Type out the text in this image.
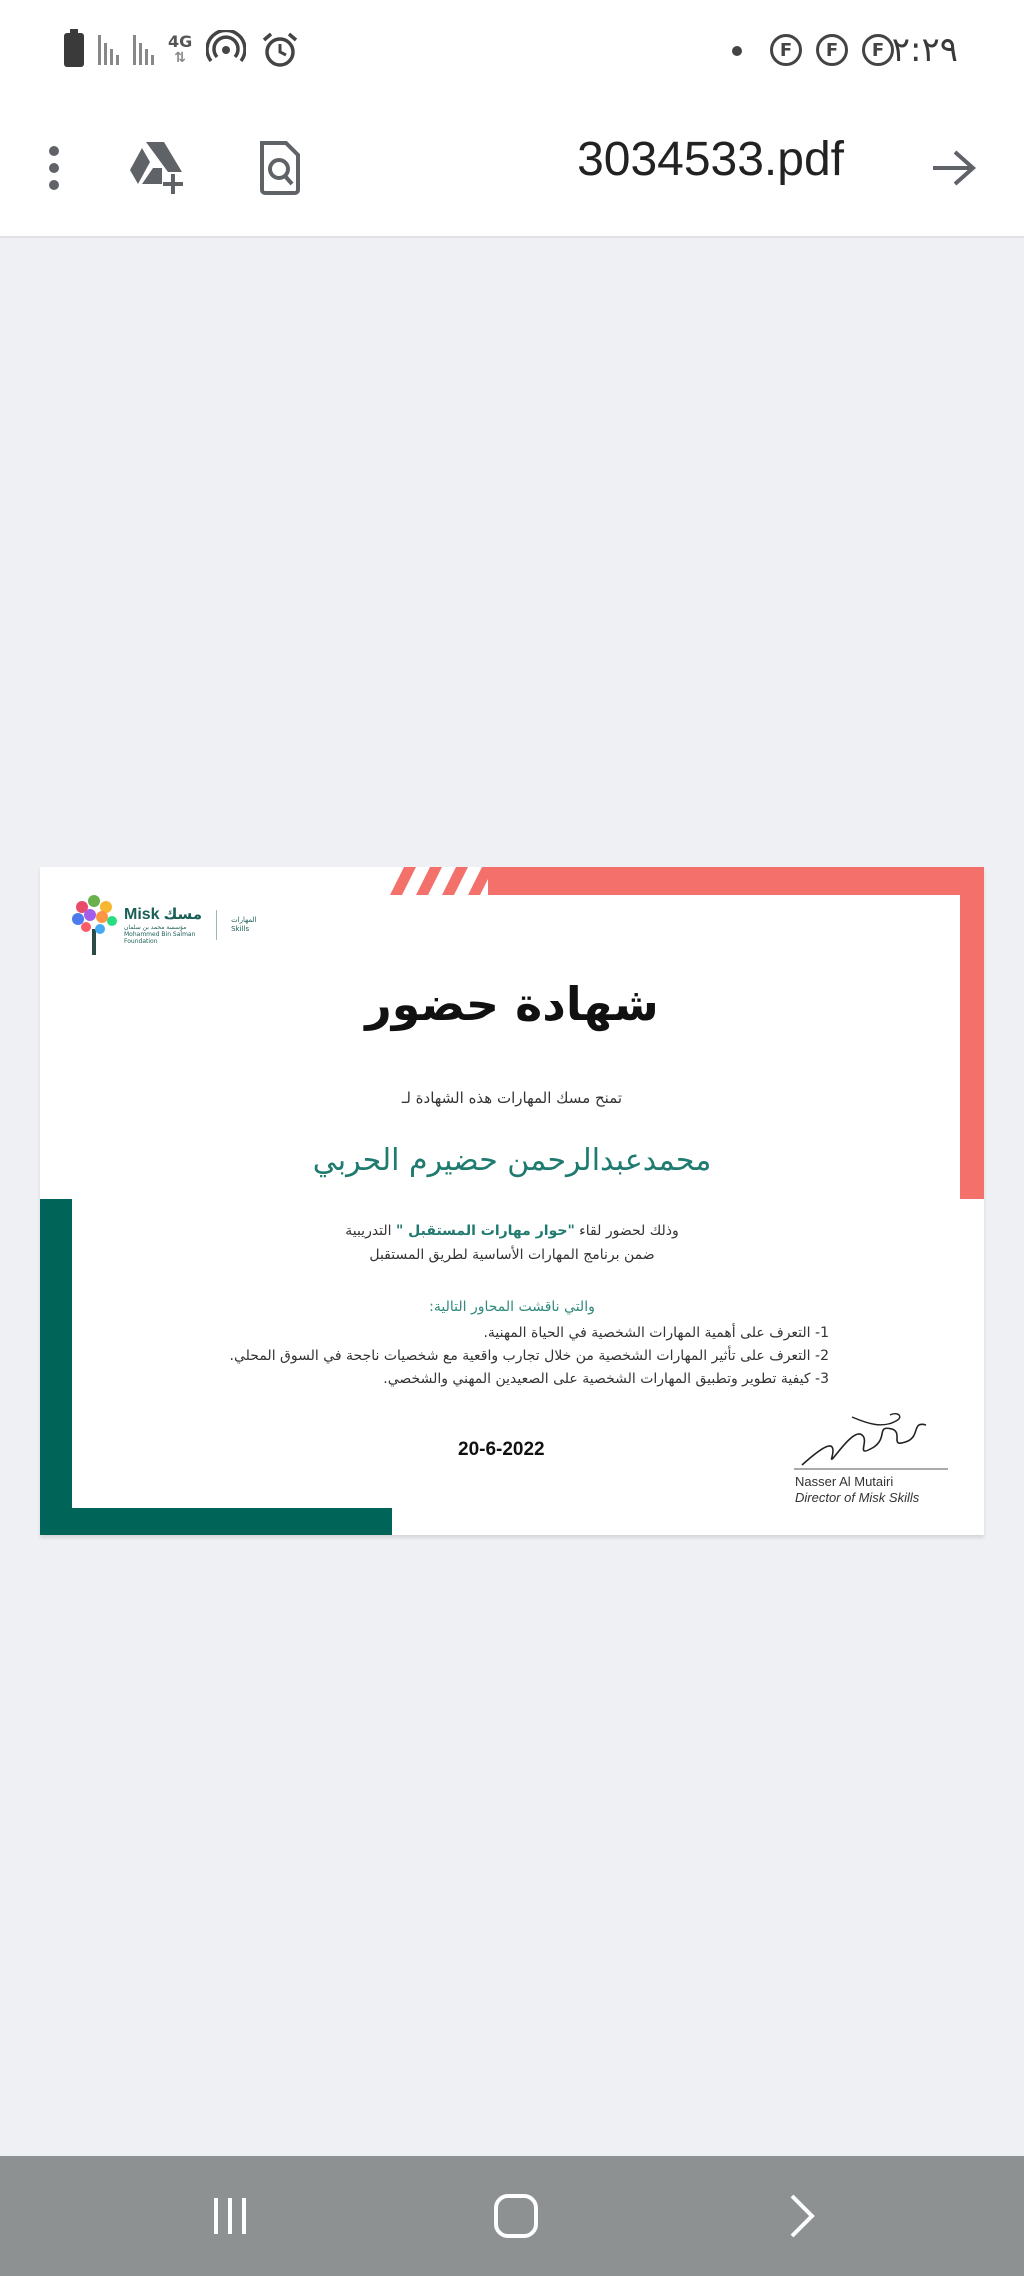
4G
⇅	F	F	F ٢:٢٩
3034533.pdf
Misk مسك
مؤسسة محمد بن سلمان
Mohammed Bin Salman
Foundation
المهارات
Skills
شهادة حضور
تمنح مسك المهارات هذه الشهادة لـ
محمدعبدالرحمن حضيرم الحربي
وذلك لحضور لقاء "حوار مهارات المستقبل " التدريبية
ضمن برنامج المهارات الأساسية لطريق المستقبل
والتي ناقشت المحاور التالية:
1- التعرف على أهمية المهارات الشخصية في الحياة المهنية.
2- التعرف على تأثير المهارات الشخصية من خلال تجارب واقعية مع شخصيات ناجحة في السوق المحلي.
3- كيفية تطوير وتطبيق المهارات الشخصية على الصعيدين المهني والشخصي.
20-6-2022
Nasser Al Mutairi
Director of Misk Skills
